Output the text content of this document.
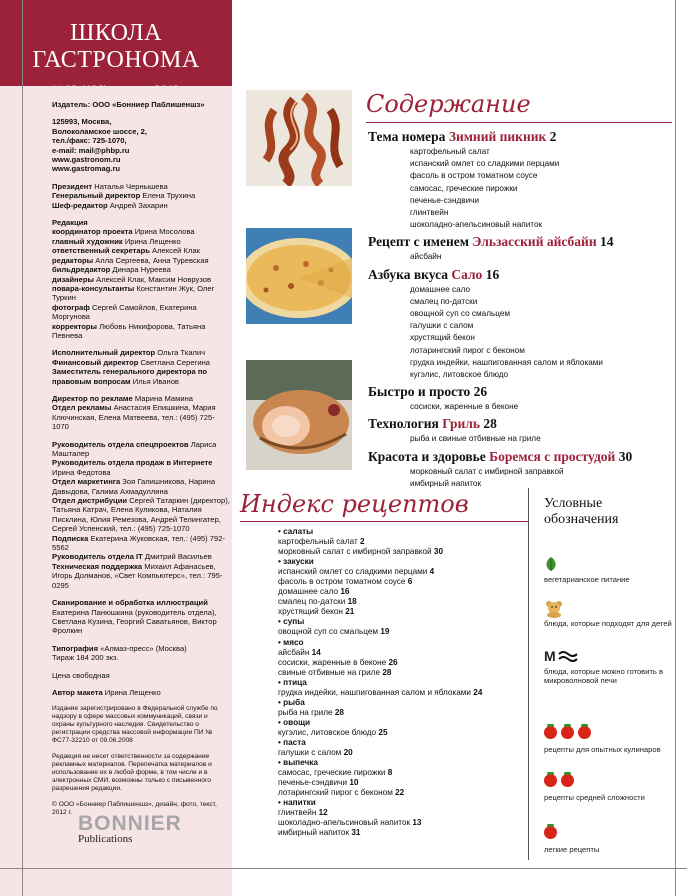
ШКОЛА ГАСТРОНОМА
Издатель: ООО «Бонниер Паблишеншз»
125993, Москва,
Волоколамское шоссе, 2,
тел./факс: 725-1070,
e-mail: mail@phbp.ru
www.gastronom.ru
www.gastromag.ru
Президент Наталья Чернышева
Генеральный директор Елена Трухина
Шеф-редактор Андрей Захарин
Редакция
координатор проекта Ирина Мосолова
главный художник Ирина Лещенко
ответственный секретарь Алексей Клак
редакторы Алла Сергеева, Анна Туревская
бильдредактор Динара Нуреева
дизайнеры Алексей Клак, Максим Новрузов
повара-консультанты Константин Жук, Олег Туркин
фотограф Сергей Самойлов, Екатерина Моргунова
корректоры Любовь Никифорова, Татьяна Певнева
Исполнительный директор Ольга Ткалич
Финансовый директор Светлана Серегина
Заместитель генерального директора по правовым вопросам Илья Иванов
Директор по рекламе Марина Мамина
Отдел рекламы Анастасия Епишкина, Мария Ключинская, Елена Матвеева, тел.: (495) 725-1070
Руководитель отдела спецпроектов Лариса Машталер
Руководитель отдела продаж в Интернете Ирина Федотова
Отдел маркетинга Зоя Галишникова, Нарина Давыдова, Галима Ахмадуллина
Отдел дистрибуции Сергей Татаркин (директор), Татьяна Катрач, Елена Куликова, Наталия Писклина, Юлия Ремезова, Андрей Телингатер, Сергей Успенский, тел.: (495) 725-1070
Подписка Екатерина Жуковская, тел.: (495) 792-5562
Руководитель отдела IT Дмитрий Васильев
Техническая поддержка Михаил Афанасьев, Игорь Долманов, «Свет Компьютерс», тел.: 795-0295
Сканирование и обработка иллюстраций
Екатерина Панюшкина (руководитель отдела), Светлана Кузина, Георгий Саватьянов, Виктор Фролкин
Типография «Алмаз-пресс» (Москва)
Тираж 184 200 экз.
Цена свободная
Автор макета Ирина Лещенко
Издание зарегистрировано в Федеральной службе по надзору в сфере массовых коммуникаций, связи и охраны культурного наследия. Свидетельство о регистрации средства массовой информации ПИ № ФС77-32210 от 09.06.2008
Редакция не несет ответственности за содержание рекламных материалов. Перепечатка материалов и использование их в любой форме, в том числе и в электронных СМИ, возможны только с письменного разрешения редакции.
© ООО «Бонниер Паблишеншз», дизайн, фото, текст, 2012 г. BONNIER
Publications
Содержание
Тема номера Зимний пикник 2
картофельный салат
испанский омлет со сладкими перцами
фасоль в остром томатном соусе
самосас, греческие пирожки
печенье-сэндвичи
глинтвейн
шоколадно-апельсиновый напиток
Рецепт с именем Эльзасский айсбайн 14
айсбайн
Азбука вкуса Сало 16
домашнее сало
смалец по-датски
овощной суп со смальцем
галушки с салом
хрустящий бекон
лотарингский пирог с беконом
грудка индейки, нашпигованная салом и яблоками
кугэлис, литовское блюдо
Быстро и просто 26
сосиски, жаренные в беконе
Технология Гриль 28
рыба и свиные отбивные на гриле
Красота и здоровье Боремся с простудой 30
морковный салат с имбирной заправкой
имбирный напиток
Индекс рецептов
• салаты
картофельный салат 2
морковный салат с имбирной заправкой 30
• закуски
испанский омлет со сладкими перцами 4
фасоль в остром томатном соусе 6
домашнее сало 16
смалец по-датски 18
хрустящий бекон 21
• супы
овощной суп со смальцем 19
• мясо
айсбайн 14
сосиски, жаренные в беконе 26
свиные отбивные на гриле 28
• птица
грудка индейки, нашпигованная салом и яблоками 24
• рыба
рыба на гриле 28
• овощи
кугэлис, литовское блюдо 25
• паста
галушки с салом 20
• выпечка
самосас, греческие пирожки 8
печенье-сэндвичи 10
лотарингский пирог с беконом 22
• напитки
глинтвейн 12
шоколадно-апельсиновый напиток 13
имбирный напиток 31
Условные обозначения
вегетарианское питание
блюда, которые подходят для детей
M
блюда, которые можно готовить в микроволновой печи
рецепты для опытных кулинаров
рецепты средней сложности
легкие рецепты
